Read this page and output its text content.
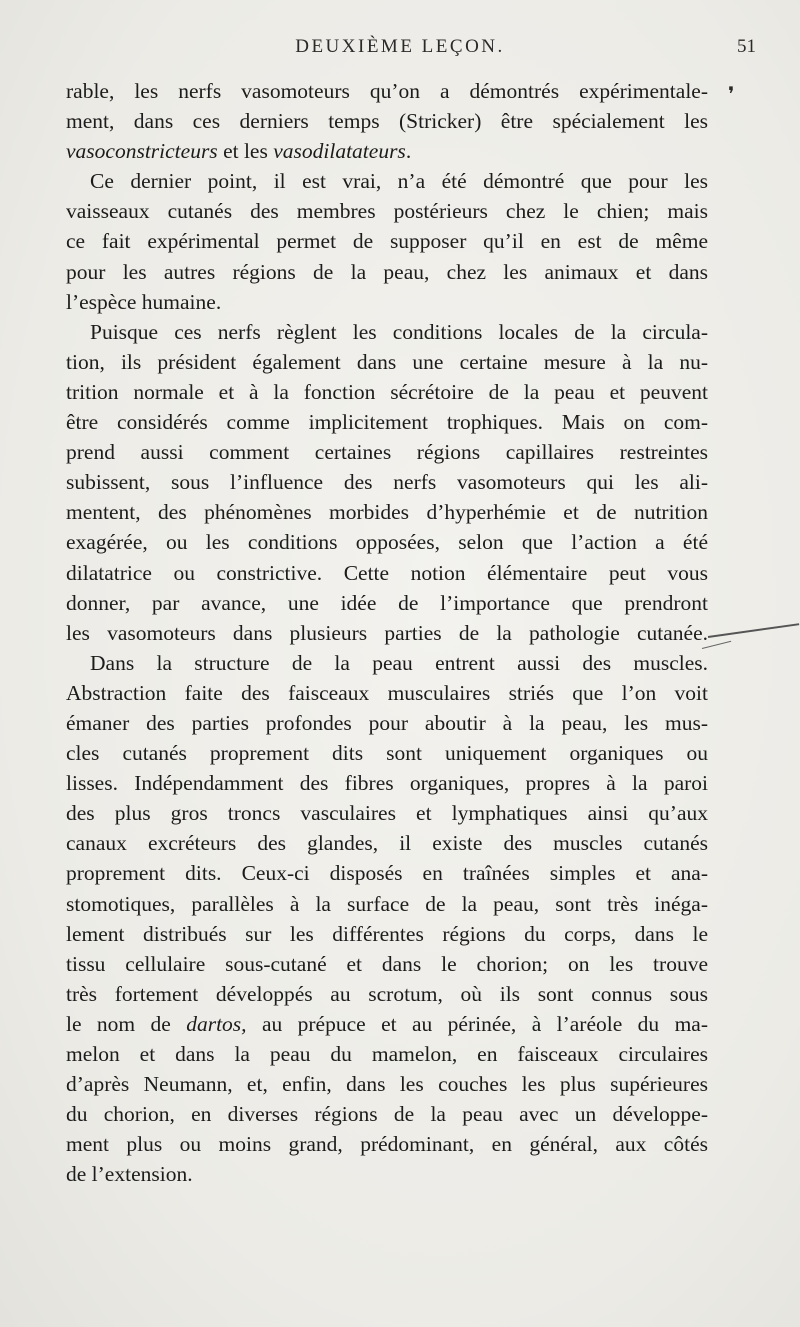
DEUXIÈME LEÇON.	51
rable, les nerfs vasomoteurs qu’on a démontrés expérimentale-
ment, dans ces derniers temps (Stricker) être spécialement les
vasoconstricteurs et les vasodilatateurs.
Ce dernier point, il est vrai, n’a été démontré que pour les
vaisseaux cutanés des membres postérieurs chez le chien; mais
ce fait expérimental permet de supposer qu’il en est de même
pour les autres régions de la peau, chez les animaux et dans
l’espèce humaine.
Puisque ces nerfs règlent les conditions locales de la circula-
tion, ils président également dans une certaine mesure à la nu-
trition normale et à la fonction sécrétoire de la peau et peuvent
être considérés comme implicitement trophiques. Mais on com-
prend aussi comment certaines régions capillaires restreintes
subissent, sous l’influence des nerfs vasomoteurs qui les ali-
mentent, des phénomènes morbides d’hyperhémie et de nutrition
exagérée, ou les conditions opposées, selon que l’action a été
dilatatrice ou constrictive. Cette notion élémentaire peut vous
donner, par avance, une idée de l’importance que prendront
les vasomoteurs dans plusieurs parties de la pathologie cutanée.
Dans la structure de la peau entrent aussi des muscles.
Abstraction faite des faisceaux musculaires striés que l’on voit
émaner des parties profondes pour aboutir à la peau, les mus-
cles cutanés proprement dits sont uniquement organiques ou
lisses. Indépendamment des fibres organiques, propres à la paroi
des plus gros troncs vasculaires et lymphatiques ainsi qu’aux
canaux excréteurs des glandes, il existe des muscles cutanés
proprement dits. Ceux-ci disposés en traînées simples et ana-
stomotiques, parallèles à la surface de la peau, sont très inéga-
lement distribués sur les différentes régions du corps, dans le
tissu cellulaire sous-cutané et dans le chorion; on les trouve
très fortement développés au scrotum, où ils sont connus sous
le nom de dartos, au prépuce et au périnée, à l’aréole du ma-
melon et dans la peau du mamelon, en faisceaux circulaires
d’après Neumann, et, enfin, dans les couches les plus supérieures
du chorion, en diverses régions de la peau avec un développe-
ment plus ou moins grand, prédominant, en général, aux côtés
de l’extension.
❜
